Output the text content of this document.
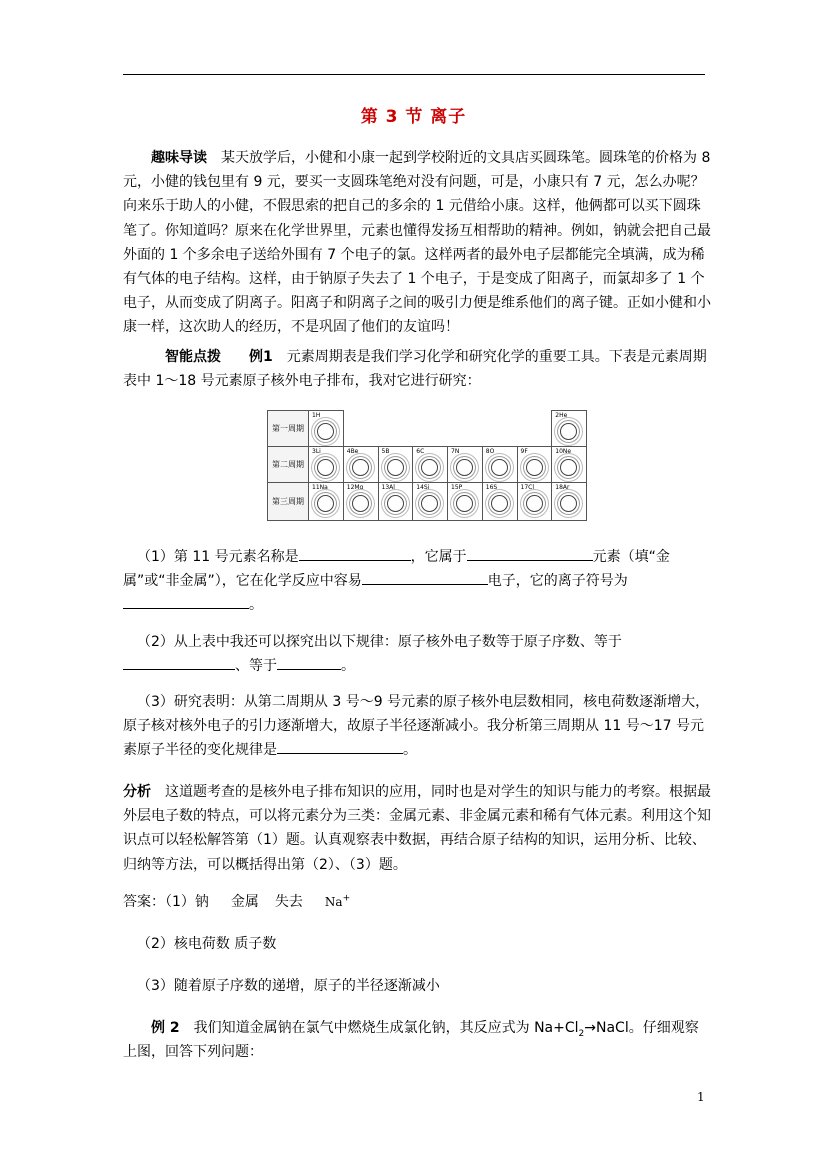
第 3 节 离子
趣味导读 某天放学后，小健和小康一起到学校附近的文具店买圆珠笔。圆珠笔的价格为 8元，小健的钱包里有 9 元，要买一支圆珠笔绝对没有问题，可是，小康只有 7 元，怎么办呢？向来乐于助人的小健，不假思索的把自己的多余的 1 元借给小康。这样，他俩都可以买下圆珠笔了。你知道吗？原来在化学世界里，元素也懂得发扬互相帮助的精神。例如，钠就会把自己最外面的 1 个多余电子送给外围有 7 个电子的氯。这样两者的最外电子层都能完全填满，成为稀有气体的电子结构。这样，由于钠原子失去了 1 个电子，于是变成了阳离子，而氯却多了 1 个电子，从而变成了阴离子。阳离子和阴离子之间的吸引力便是维系他们的离子键。正如小健和小康一样，这次助人的经历，不是巩固了他们的友谊吗！
智能点拨 例1 元素周期表是我们学习化学和研究化学的重要工具。下表是元素周期表中 1～18 号元素原子核外电子排布，我对它进行研究：
第一周期	1H							2He

第二周期	3Li	4Be	5B	6C	7N	8O	9F	10Ne

第三周期	11Na	12Mg	13Al	14Si	15P	16S	17Cl	18Ar
（1）第 11 号元素名称是	，它属于	元素（填“金属”或“非金属”），它在化学反应中容易	电子，它的离子符号为
。
（2）从上表中我还可以探究出以下规律：原子核外电子数等于原子序数、等于
、等于	。
（3）研究表明：从第二周期从 3 号～9 号元素的原子核外电层数相同，核电荷数逐渐增大，原子核对核外电子的引力逐渐增大，故原子半径逐渐减小。我分析第三周期从 11 号～17 号元素原子半径的变化规律是	。
分析 这道题考查的是核外电子排布知识的应用，同时也是对学生的知识与能力的考察。根据最外层电子数的特点，可以将元素分为三类：金属元素、非金属元素和稀有气体元素。利用这个知识点可以轻松解答第（1）题。认真观察表中数据，再结合原子结构的知识，运用分析、比较、归纳等方法，可以概括得出第（2）、（3）题。
答案：（1）钠 金属 失去 Na+
（2）核电荷数 质子数
（3）随着原子序数的递增，原子的半径逐渐减小
例 2 我们知道金属钠在氯气中燃烧生成氯化钠，其反应式为 $Na+Cl_2\to NaCl$。仔细观察上图，回答下列问题：
1
